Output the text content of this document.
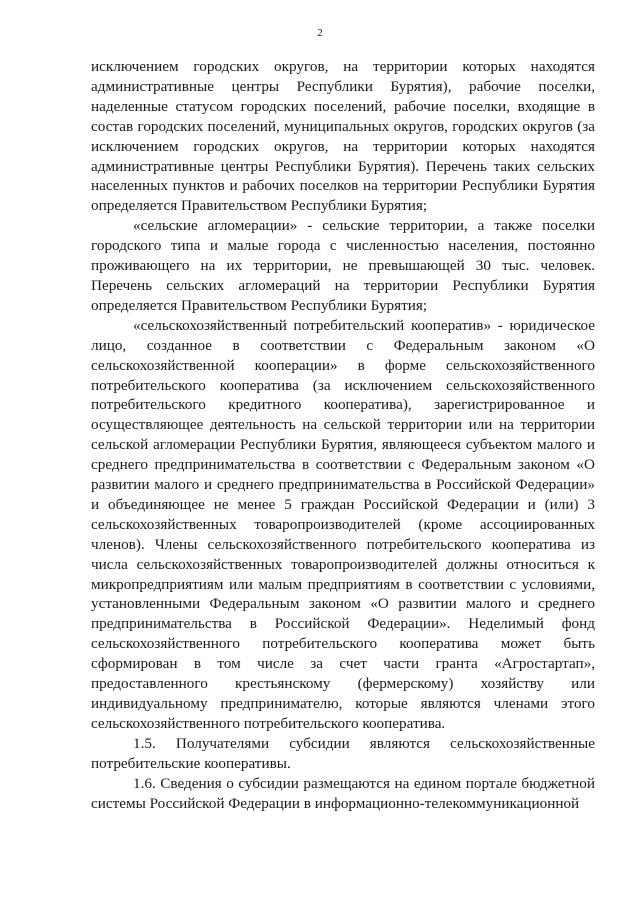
2

исключением городских округов, на территории которых находятся административные центры Республики Бурятия), рабочие поселки, наделенные статусом городских поселений, рабочие поселки, входящие в состав городских поселений, муниципальных округов, городских округов (за исключением городских округов, на территории которых находятся административные центры Республики Бурятия). Перечень таких сельских населенных пунктов и рабочих поселков на территории Республики Бурятия определяется Правительством Республики Бурятия;

«сельские агломерации» - сельские территории, а также поселки городского типа и малые города с численностью населения, постоянно проживающего на их территории, не превышающей 30 тыс. человек. Перечень сельских агломераций на территории Республики Бурятия определяется Правительством Республики Бурятия;

«сельскохозяйственный потребительский кооператив» - юридическое лицо, созданное в соответствии с Федеральным законом «О сельскохозяйственной кооперации» в форме сельскохозяйственного потребительского кооператива (за исключением сельскохозяйственного потребительского кредитного кооператива), зарегистрированное и осуществляющее деятельность на сельской территории или на территории сельской агломерации Республики Бурятия, являющееся субъектом малого и среднего предпринимательства в соответствии с Федеральным законом «О развитии малого и среднего предпринимательства в Российской Федерации» и объединяющее не менее 5 граждан Российской Федерации и (или) 3 сельскохозяйственных товаропроизводителей (кроме ассоциированных членов). Члены сельскохозяйственного потребительского кооператива из числа сельскохозяйственных товаропроизводителей должны относиться к микропредприятиям или малым предприятиям в соответствии с условиями, установленными Федеральным законом «О развитии малого и среднего предпринимательства в Российской Федерации». Неделимый фонд сельскохозяйственного потребительского кооператива может быть сформирован в том числе за счет части гранта «Агростартап», предоставленного крестьянскому (фермерскому) хозяйству или индивидуальному предпринимателю, которые являются членами этого сельскохозяйственного потребительского кооператива.

1.5. Получателями субсидии являются сельскохозяйственные потребительские кооперативы.

1.6. Сведения о субсидии размещаются на едином портале бюджетной системы Российской Федерации в информационно-телекоммуникационной
